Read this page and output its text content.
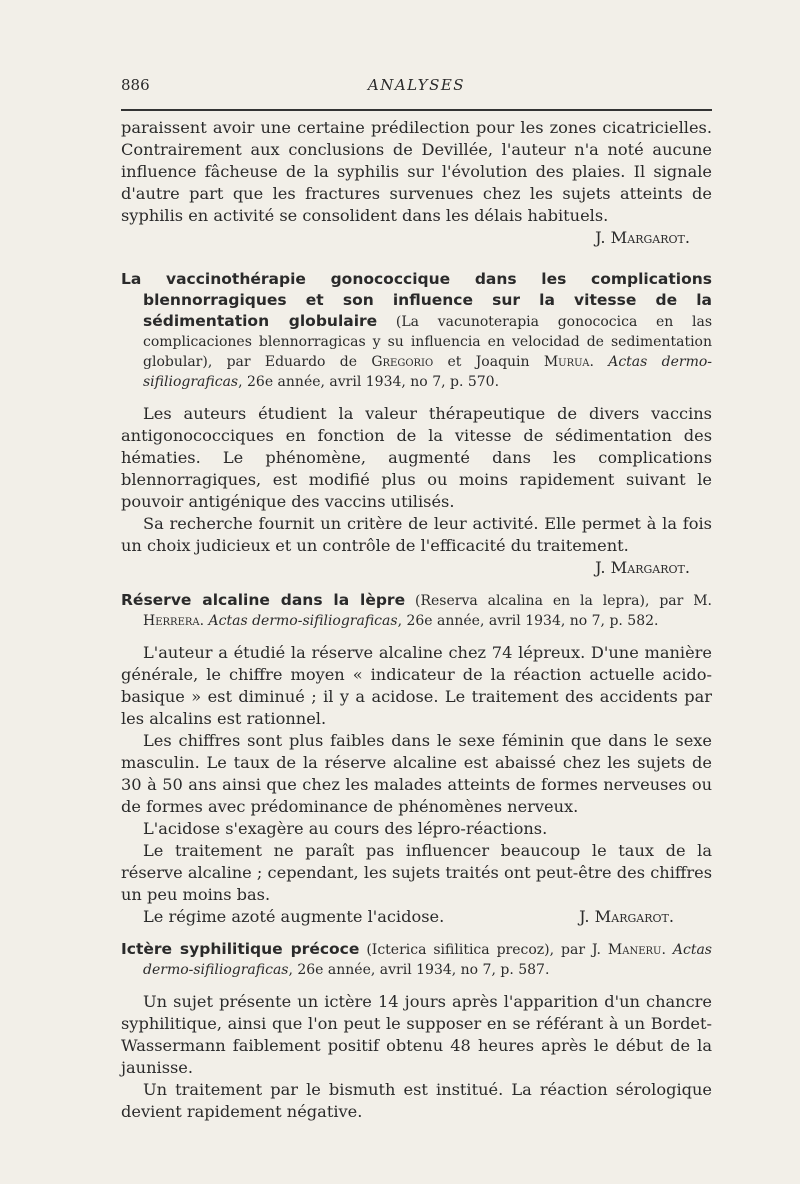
886	ANALYSES

paraissent avoir une certaine prédilection pour les zones cicatricielles. Contrairement aux conclusions de Devillée, l'auteur n'a noté aucune influence fâcheuse de la syphilis sur l'évolution des plaies. Il signale d'autre part que les fractures survenues chez les sujets atteints de syphilis en activité se consolident dans les délais habituels.

J. Margarot.

La vaccinothérapie gonococcique dans les complications blennorragiques et son influence sur la vitesse de la sédimentation globulaire (La vacunoterapia gonococica en las complicaciones blennorragicas y su influencia en velocidad de sedimentation globular), par Eduardo de Gregorio et Joaquin Murua. Actas dermo-sifiliograficas, 26e année, avril 1934, no 7, p. 570.

Les auteurs étudient la valeur thérapeutique de divers vaccins antigonococciques en fonction de la vitesse de sédimentation des hématies. Le phénomène, augmenté dans les complications blennorragiques, est modifié plus ou moins rapidement suivant le pouvoir antigénique des vaccins utilisés.

Sa recherche fournit un critère de leur activité. Elle permet à la fois un choix judicieux et un contrôle de l'efficacité du traitement.

J. Margarot.

Réserve alcaline dans la lèpre (Reserva alcalina en la lepra), par M. Herrera. Actas dermo-sifiliograficas, 26e année, avril 1934, no 7, p. 582.

L'auteur a étudié la réserve alcaline chez 74 lépreux. D'une manière générale, le chiffre moyen « indicateur de la réaction actuelle acido-basique » est diminué ; il y a acidose. Le traitement des accidents par les alcalins est rationnel.

Les chiffres sont plus faibles dans le sexe féminin que dans le sexe masculin. Le taux de la réserve alcaline est abaissé chez les sujets de 30 à 50 ans ainsi que chez les malades atteints de formes nerveuses ou de formes avec prédominance de phénomènes nerveux.

L'acidose s'exagère au cours des lépro-réactions.

Le traitement ne paraît pas influencer beaucoup le taux de la réserve alcaline ; cependant, les sujets traités ont peut-être des chiffres un peu moins bas.

Le régime azoté augmente l'acidose.	J. Margarot.

Ictère syphilitique précoce (Icterica sifilitica precoz), par J. Maneru. Actas dermo-sifiliograficas, 26e année, avril 1934, no 7, p. 587.

Un sujet présente un ictère 14 jours après l'apparition d'un chancre syphilitique, ainsi que l'on peut le supposer en se référant à un Bordet-Wassermann faiblement positif obtenu 48 heures après le début de la jaunisse.

Un traitement par le bismuth est institué. La réaction sérologique devient rapidement négative.
